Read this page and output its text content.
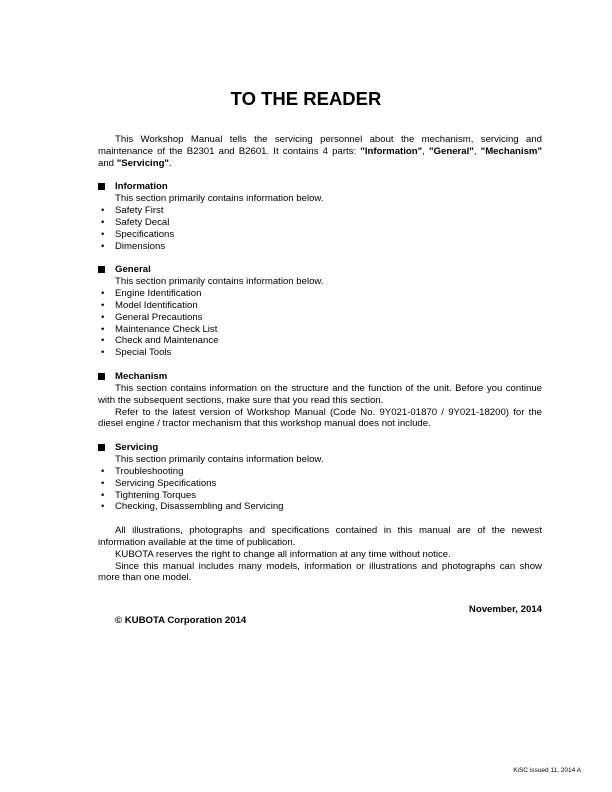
TO THE READER

This Workshop Manual tells the servicing personnel about the mechanism, servicing and maintenance of the B2301 and B2601. It contains 4 parts: "Information", "General", "Mechanism" and "Servicing".

Information
This section primarily contains information below.
• Safety First
• Safety Decal
• Specifications
• Dimensions
General
This section primarily contains information below.
• Engine Identification
• Model Identification
• General Precautions
• Maintenance Check List
• Check and Maintenance
• Special Tools
Mechanism

This section contains information on the structure and the function of the unit. Before you continue with the subsequent sections, make sure that you read this section.

Refer to the latest version of Workshop Manual (Code No. 9Y021-01870 / 9Y021-18200) for the diesel engine / tractor mechanism that this workshop manual does not include.

Servicing
This section primarily contains information below.
• Troubleshooting
• Servicing Specifications
• Tightening Torques
• Checking, Disassembling and Servicing

All illustrations, photographs and specifications contained in this manual are of the newest information available at the time of publication.

KUBOTA reserves the right to change all information at any time without notice.

Since this manual includes many models, information or illustrations and photographs can show more than one model.

November, 2014
© KUBOTA Corporation 2014
KiSC issued 11, 2014 A
